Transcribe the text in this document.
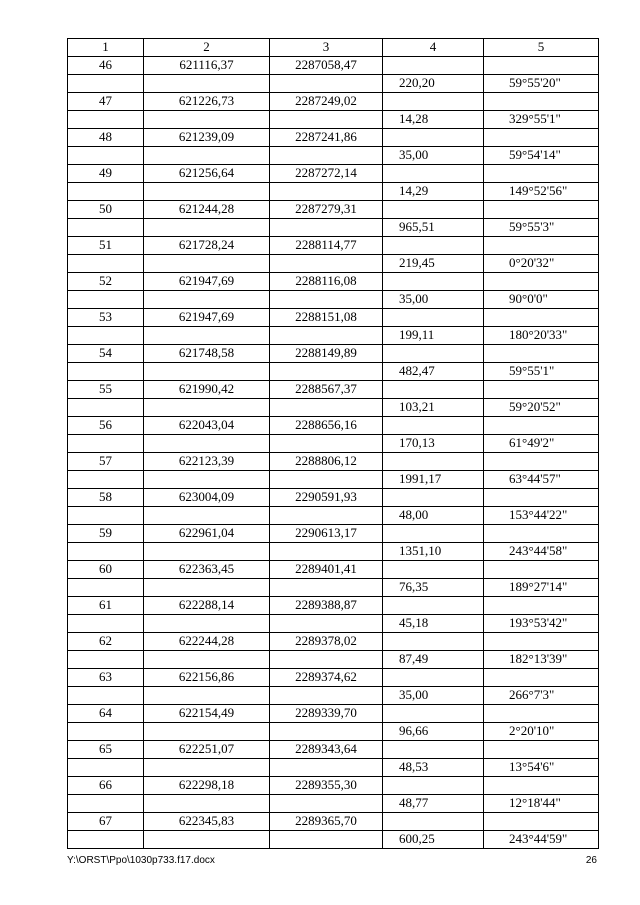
1	2	3	4	5
46	621116,37	2287058,47		
			220,20	59°55'20"
47	621226,73	2287249,02		
			14,28	329°55'1"
48	621239,09	2287241,86		
			35,00	59°54'14"
49	621256,64	2287272,14		
			14,29	149°52'56"
50	621244,28	2287279,31		
			965,51	59°55'3"
51	621728,24	2288114,77		
			219,45	0°20'32"
52	621947,69	2288116,08		
			35,00	90°0'0"
53	621947,69	2288151,08		
			199,11	180°20'33"
54	621748,58	2288149,89		
			482,47	59°55'1"
55	621990,42	2288567,37		
			103,21	59°20'52"
56	622043,04	2288656,16		
			170,13	61°49'2"
57	622123,39	2288806,12		
			1991,17	63°44'57"
58	623004,09	2290591,93		
			48,00	153°44'22"
59	622961,04	2290613,17		
			1351,10	243°44'58"
60	622363,45	2289401,41		
			76,35	189°27'14"
61	622288,14	2289388,87		
			45,18	193°53'42"
62	622244,28	2289378,02		
			87,49	182°13'39"
63	622156,86	2289374,62		
			35,00	266°7'3"
64	622154,49	2289339,70		
			96,66	2°20'10"
65	622251,07	2289343,64		
			48,53	13°54'6"
66	622298,18	2289355,30		
			48,77	12°18'44"
67	622345,83	2289365,70		
			600,25	243°44'59"
Y:\ORST\Ppo\1030p733.f17.docx	26
